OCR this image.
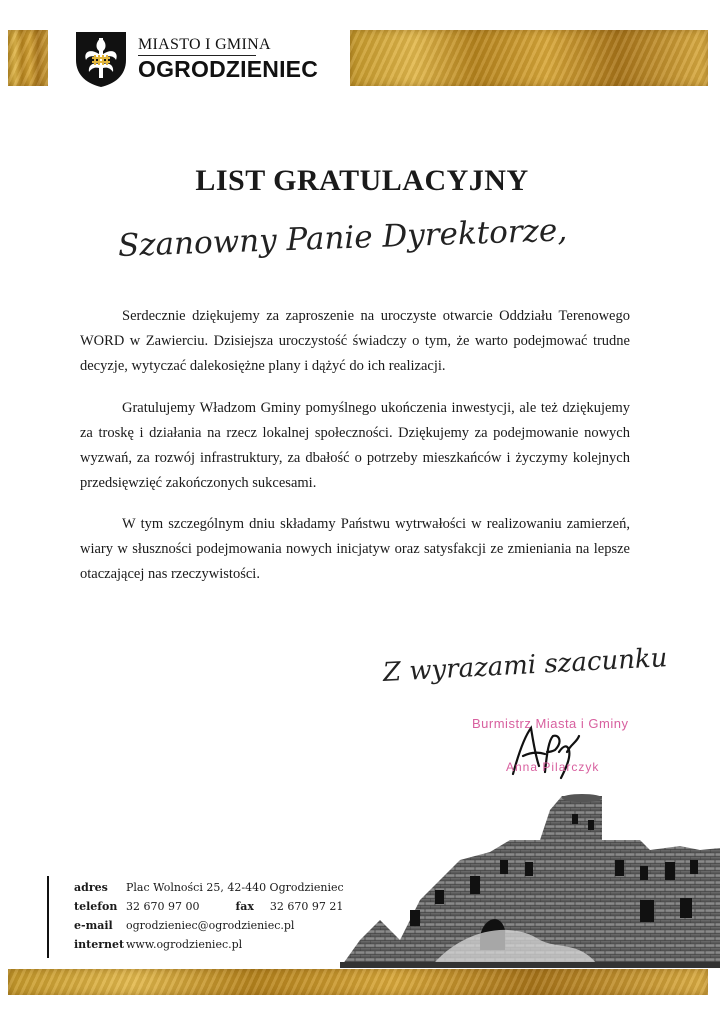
MIASTO I GMINA
OGRODZIENIEC
LIST GRATULACYJNY
Szanowny Panie Dyrektorze,

Serdecznie dziękujemy za zaproszenie na uroczyste otwarcie Oddziału Terenowego WORD w Zawierciu. Dzisiejsza uroczystość świadczy o tym, że warto podejmować trudne decyzje, wytyczać dalekosiężne plany i dążyć do ich realizacji.

Gratulujemy Władzom Gminy pomyślnego ukończenia inwestycji, ale też dziękujemy za troskę i działania na rzecz lokalnej społeczności. Dziękujemy za podejmowanie nowych wyzwań, za rozwój infrastruktury, za dbałość o potrzeby mieszkańców i życzymy kolejnych przedsięwzięć zakończonych sukcesami.

W tym szczególnym dniu składamy Państwu wytrwałości w realizowaniu zamierzeń, wiary w słuszności podejmowania nowych inicjatyw oraz satysfakcji ze zmieniania na lepsze otaczającej nas rzeczywistości.

Z wyrazami szacunku
Burmistrz Miasta i Gminy
Anna Pilarczyk
adres	Plac Wolności 25, 42-440 Ogrodzieniec
telefon 32 670 97 00	fax 32 670 97 21
e-mail	ogrodzieniec@ogrodzieniec.pl
internet www.ogrodzieniec.pl
